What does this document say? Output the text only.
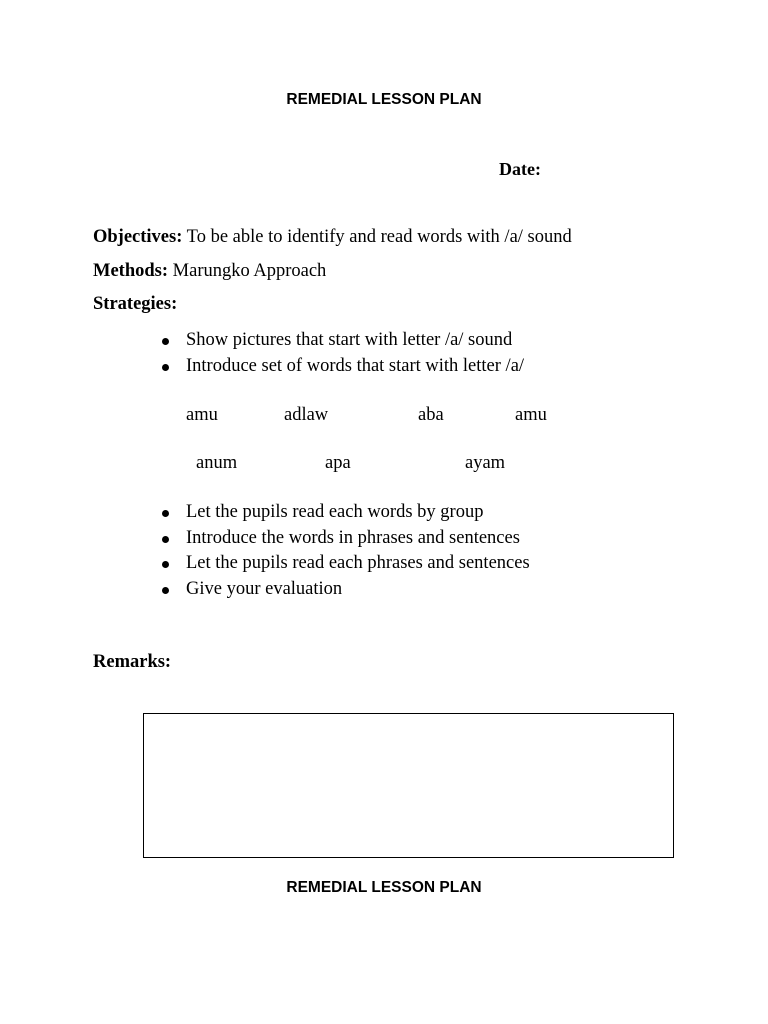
REMEDIAL LESSON PLAN
Date:
Objectives: To be able to identify and read words with /a/ sound
Methods: Marungko Approach
Strategies:
Show pictures that start with letter /a/ sound
Introduce set of words that start with letter /a/
amu	adlaw	aba	amu
anum	apa	ayam
Let the pupils read each words by group
Introduce the words in phrases and sentences
Let the pupils read each phrases and sentences
Give your evaluation
Remarks:
REMEDIAL LESSON PLAN
